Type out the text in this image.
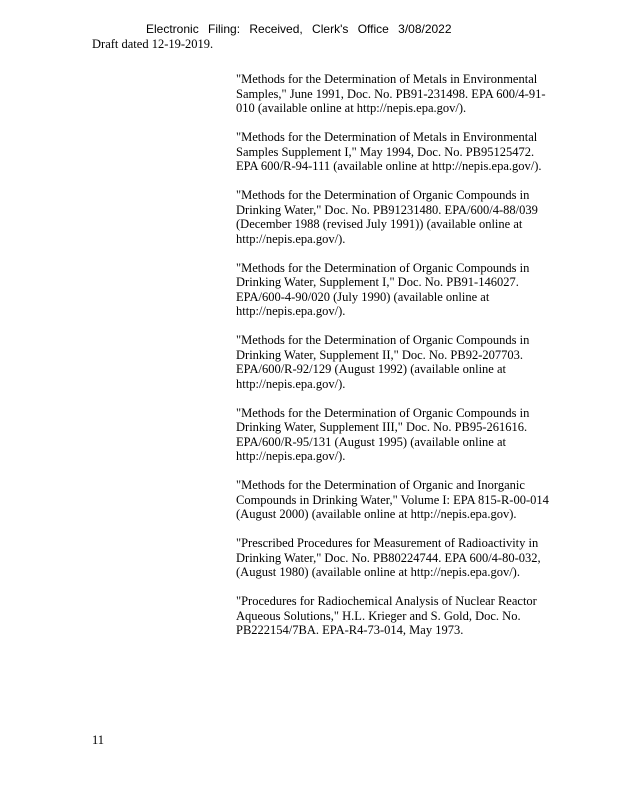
Electronic Filing: Received, Clerk's Office 3/08/2022
Draft dated 12-19-2019.

"Methods for the Determination of Metals in Environmental Samples," June 1991, Doc. No. PB91-231498. EPA 600/4-91-010 (available online at http://nepis.epa.gov/).

"Methods for the Determination of Metals in Environmental Samples Supplement I," May 1994, Doc. No. PB95125472. EPA 600/R-94-111 (available online at http://nepis.epa.gov/).

"Methods for the Determination of Organic Compounds in Drinking Water," Doc. No. PB91231480. EPA/600/4-88/039 (December 1988 (revised July 1991)) (available online at http://nepis.epa.gov/).

"Methods for the Determination of Organic Compounds in Drinking Water, Supplement I," Doc. No. PB91-146027. EPA/600-4-90/020 (July 1990) (available online at http://nepis.epa.gov/).

"Methods for the Determination of Organic Compounds in Drinking Water, Supplement II," Doc. No. PB92-207703. EPA/600/R-92/129 (August 1992) (available online at http://nepis.epa.gov/).

"Methods for the Determination of Organic Compounds in Drinking Water, Supplement III," Doc. No. PB95-261616. EPA/600/R-95/131 (August 1995) (available online at http://nepis.epa.gov/).

"Methods for the Determination of Organic and Inorganic Compounds in Drinking Water," Volume I: EPA 815-R-00-014 (August 2000) (available online at http://nepis.epa.gov).

"Prescribed Procedures for Measurement of Radioactivity in Drinking Water," Doc. No. PB80224744. EPA 600/4-80-032, (August 1980) (available online at http://nepis.epa.gov/).

"Procedures for Radiochemical Analysis of Nuclear Reactor Aqueous Solutions," H.L. Krieger and S. Gold, Doc. No. PB222154/7BA. EPA-R4-73-014, May 1973.

11
